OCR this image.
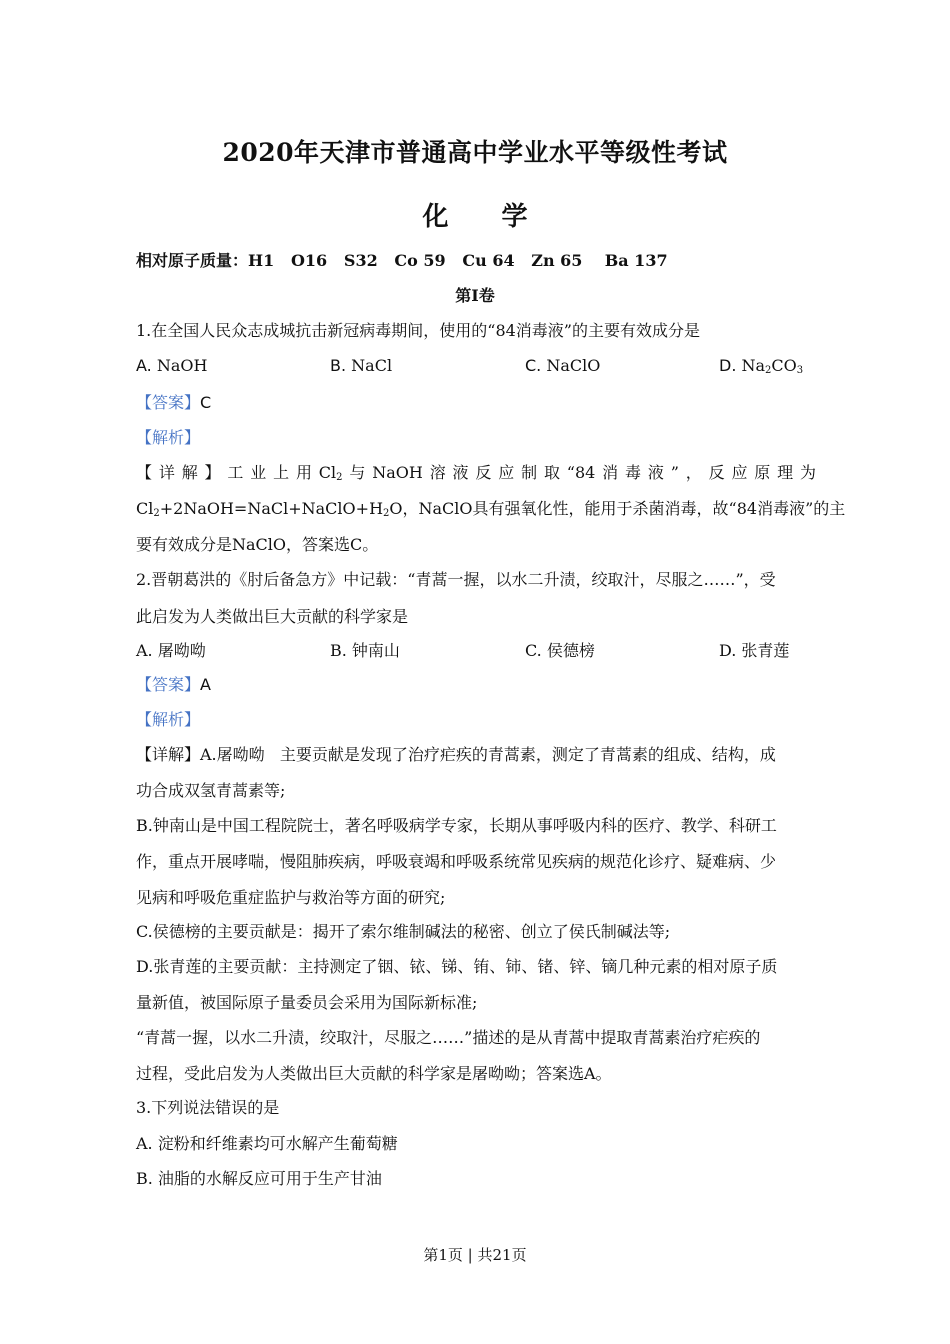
2020年天津市普通高中学业水平等级性考试
化 学
相对原子质量：H1   O16   S32   Co 59   Cu 64   Zn 65    Ba 137
第I卷
1.在全国人民众志成城抗击新冠病毒期间，使用的“84消毒液”的主要有效成分是
A. NaOH	B. NaCl	C. NaClO	D. $Na_2CO_3$
【答案】C
【解析】
【详解】工业上用$Cl_2$与NaOH溶液反应制取“84消毒液”，反应原理为
$Cl_2+2NaOH=NaCl+NaClO+H_2O$，NaClO具有强氧化性，能用于杀菌消毒，故“84消毒液”的主
要有效成分是NaClO，答案选C。
2.晋朝葛洪的《肘后备急方》中记载：“青蒿一握，以水二升渍，绞取汁，尽服之……”，受
此启发为人类做出巨大贡献的科学家是
A. 屠呦呦	B. 钟南山	C. 侯德榜	D. 张青莲
【答案】A
【解析】
【详解】A.屠呦呦   主要贡献是发现了治疗疟疾的青蒿素，测定了青蒿素的组成、结构，成
功合成双氢青蒿素等;
B.钟南山是中国工程院院士，著名呼吸病学专家，长期从事呼吸内科的医疗、教学、科研工
作，重点开展哮喘，慢阻肺疾病，呼吸衰竭和呼吸系统常见疾病的规范化诊疗、疑难病、少
见病和呼吸危重症监护与救治等方面的研究;
C.侯德榜的主要贡献是：揭开了索尔维制碱法的秘密、创立了侯氏制碱法等;
D.张青莲的主要贡献：主持测定了铟、铱、锑、铕、铈、锗、锌、镝几种元素的相对原子质
量新值，被国际原子量委员会采用为国际新标准;
“青蒿一握，以水二升渍，绞取汁，尽服之……”描述的是从青蒿中提取青蒿素治疗疟疾的
过程，受此启发为人类做出巨大贡献的科学家是屠呦呦；答案选A。
3.下列说法错误的是
A. 淀粉和纤维素均可水解产生葡萄糖
B. 油脂的水解反应可用于生产甘油
第1页 | 共21页
